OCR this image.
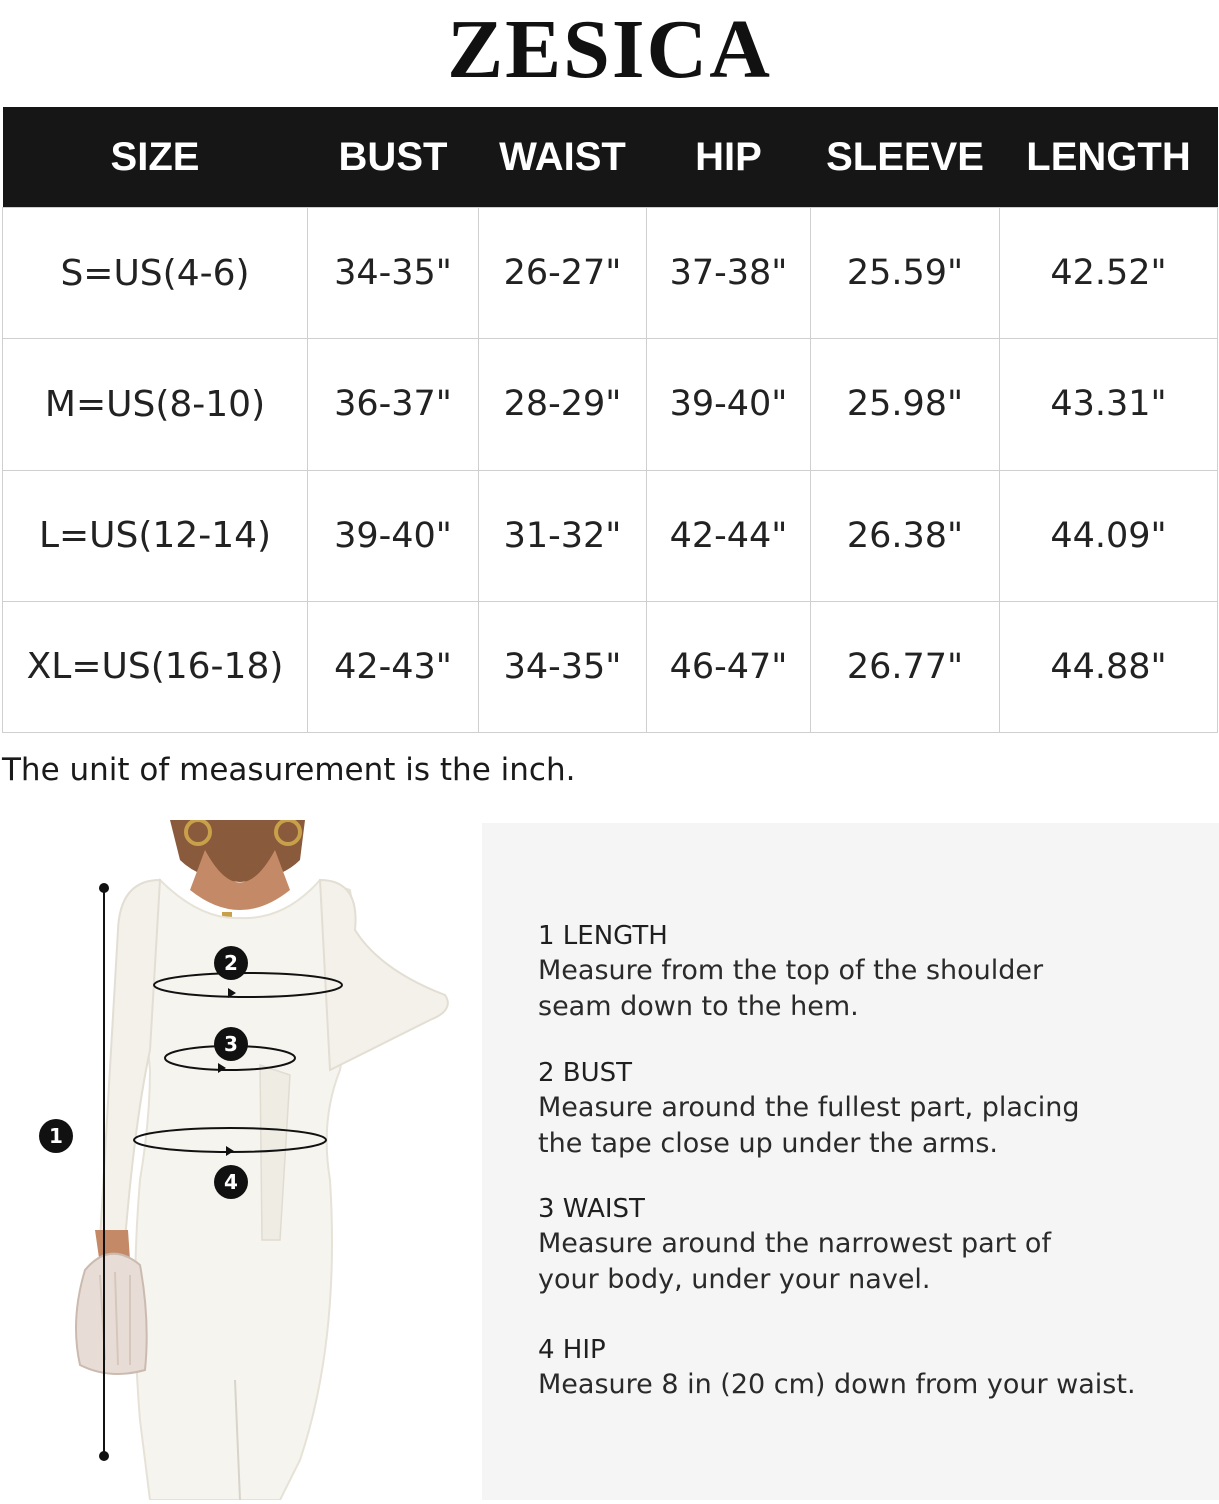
ZESICA
SIZE	BUST	WAIST	HIP	SLEEVE	LENGTH
S=US(4-6)	34-35"	26-27"	37-38"	25.59"	42.52"
M=US(8-10)	36-37"	28-29"	39-40"	25.98"	43.31"
L=US(12-14)	39-40"	31-32"	42-44"	26.38"	44.09"
XL=US(16-18)	42-43"	34-35"	46-47"	26.77"	44.88"
The unit of measurement is the inch.
1
2
3
4
1 LENGTH
Measure from the top of the shoulder
seam down to the hem.
2 BUST
Measure around the fullest part, placing
the tape close up under the arms.
3 WAIST
Measure around the narrowest part of
your body, under your navel.
4 HIP
Measure 8 in (20 cm) down from your waist.
